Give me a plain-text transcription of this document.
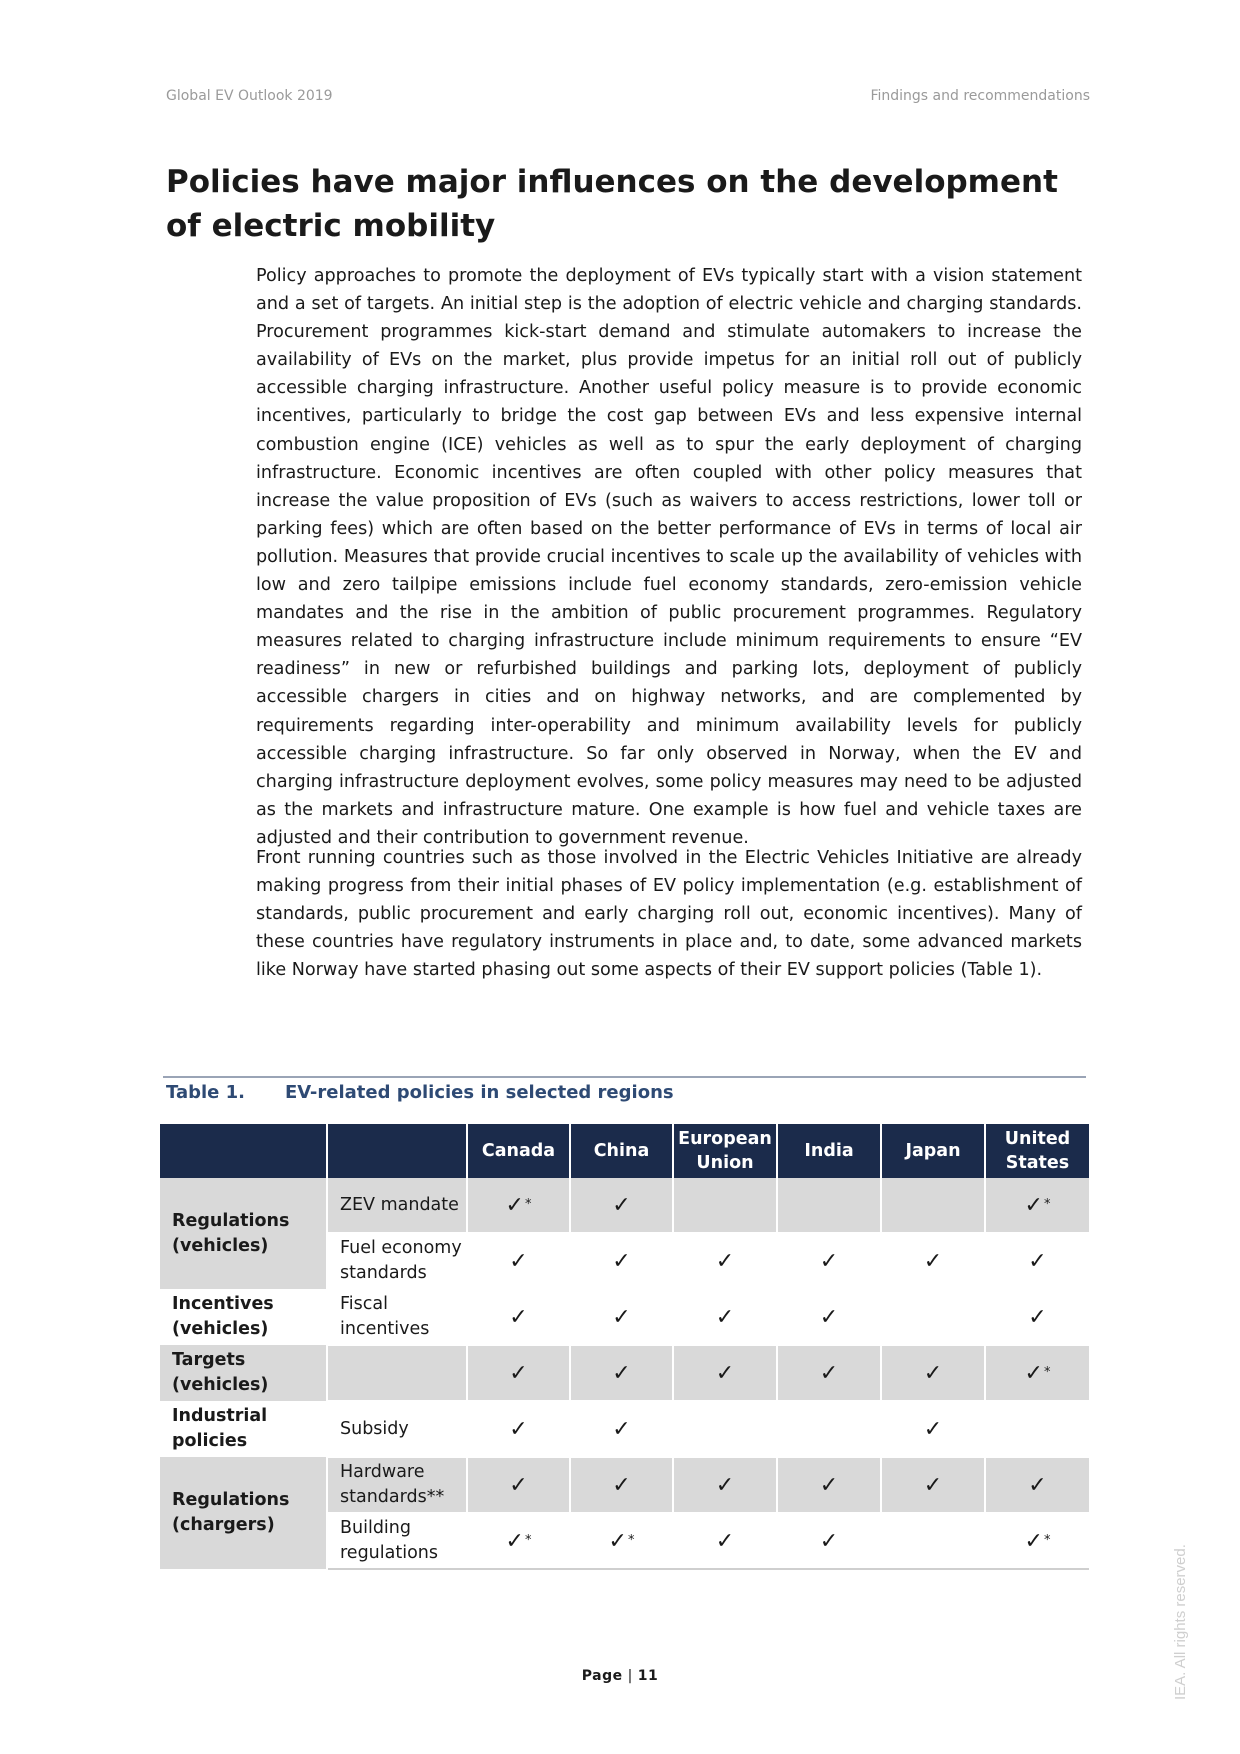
Global EV Outlook 2019	Findings and recommendations
Policies have major influences on the development of electric mobility

Policy approaches to promote the deployment of EVs typically start with a vision statement and a set of targets. An initial step is the adoption of electric vehicle and charging standards. Procurement programmes kick-start demand and stimulate automakers to increase the availability of EVs on the market, plus provide impetus for an initial roll out of publicly accessible charging infrastructure. Another useful policy measure is to provide economic incentives, particularly to bridge the cost gap between EVs and less expensive internal combustion engine (ICE) vehicles as well as to spur the early deployment of charging infrastructure. Economic incentives are often coupled with other policy measures that increase the value proposition of EVs (such as waivers to access restrictions, lower toll or parking fees) which are often based on the better performance of EVs in terms of local air pollution. Measures that provide crucial incentives to scale up the availability of vehicles with low and zero tailpipe emissions include fuel economy standards, zero-emission vehicle mandates and the rise in the ambition of public procurement programmes. Regulatory measures related to charging infrastructure include minimum requirements to ensure “EV readiness” in new or refurbished buildings and parking lots, deployment of publicly accessible chargers in cities and on highway networks, and are complemented by requirements regarding inter-operability and minimum availability levels for publicly accessible charging infrastructure. So far only observed in Norway, when the EV and charging infrastructure deployment evolves, some policy measures may need to be adjusted as the markets and infrastructure mature. One example is how fuel and vehicle taxes are adjusted and their contribution to government revenue.

Front running countries such as those involved in the Electric Vehicles Initiative are already making progress from their initial phases of EV policy implementation (e.g. establishment of standards, public procurement and early charging roll out, economic incentives). Many of these countries have regulatory instruments in place and, to date, some advanced markets like Norway have started phasing out some aspects of their EV support policies (Table 1).

Table 1. EV-related policies in selected regions
		Canada	China	European Union	India	Japan	United States
Regulations (vehicles)	ZEV mandate	✓*	✓				✓*
	Fuel economy standards	✓	✓	✓	✓	✓	✓
Incentives (vehicles)	Fiscal incentives	✓	✓	✓	✓		✓
Targets (vehicles)		✓	✓	✓	✓	✓	✓*
Industrial policies	Subsidy	✓	✓			✓	
Regulations (chargers)	Hardware standards**	✓	✓	✓	✓	✓	✓
	Building regulations	✓*	✓*	✓	✓		✓*
Page | 11	IEA. All rights reserved.
